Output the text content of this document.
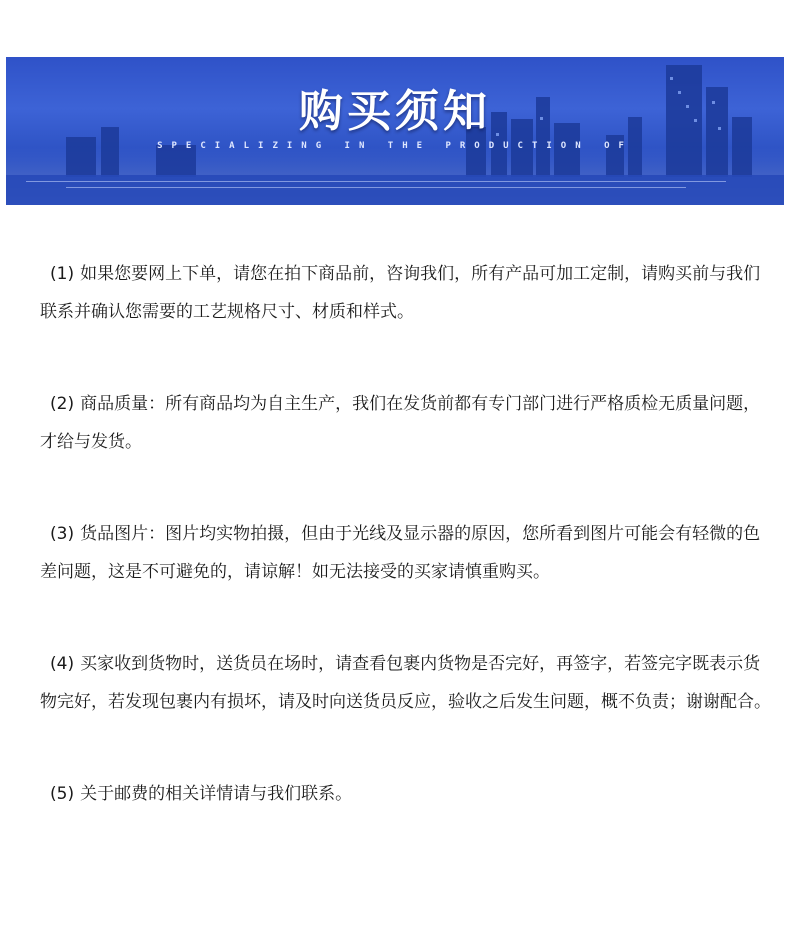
购买须知
SPECIALIZING IN THE PRODUCTION OF

(1) 如果您要网上下单，请您在拍下商品前，咨询我们，所有产品可加工定制，请购买前与我们联系并确认您需要的工艺规格尺寸、材质和样式。

(2) 商品质量：所有商品均为自主生产，我们在发货前都有专门部门进行严格质检无质量问题，才给与发货。

(3) 货品图片：图片均实物拍摄，但由于光线及显示器的原因，您所看到图片可能会有轻微的色差问题，这是不可避免的，请谅解！如无法接受的买家请慎重购买。

(4) 买家收到货物时，送货员在场时，请查看包裹内货物是否完好，再签字，若签完字既表示货物完好，若发现包裹内有损坏，请及时向送货员反应，验收之后发生问题，概不负责；谢谢配合。

(5) 关于邮费的相关详情请与我们联系。
